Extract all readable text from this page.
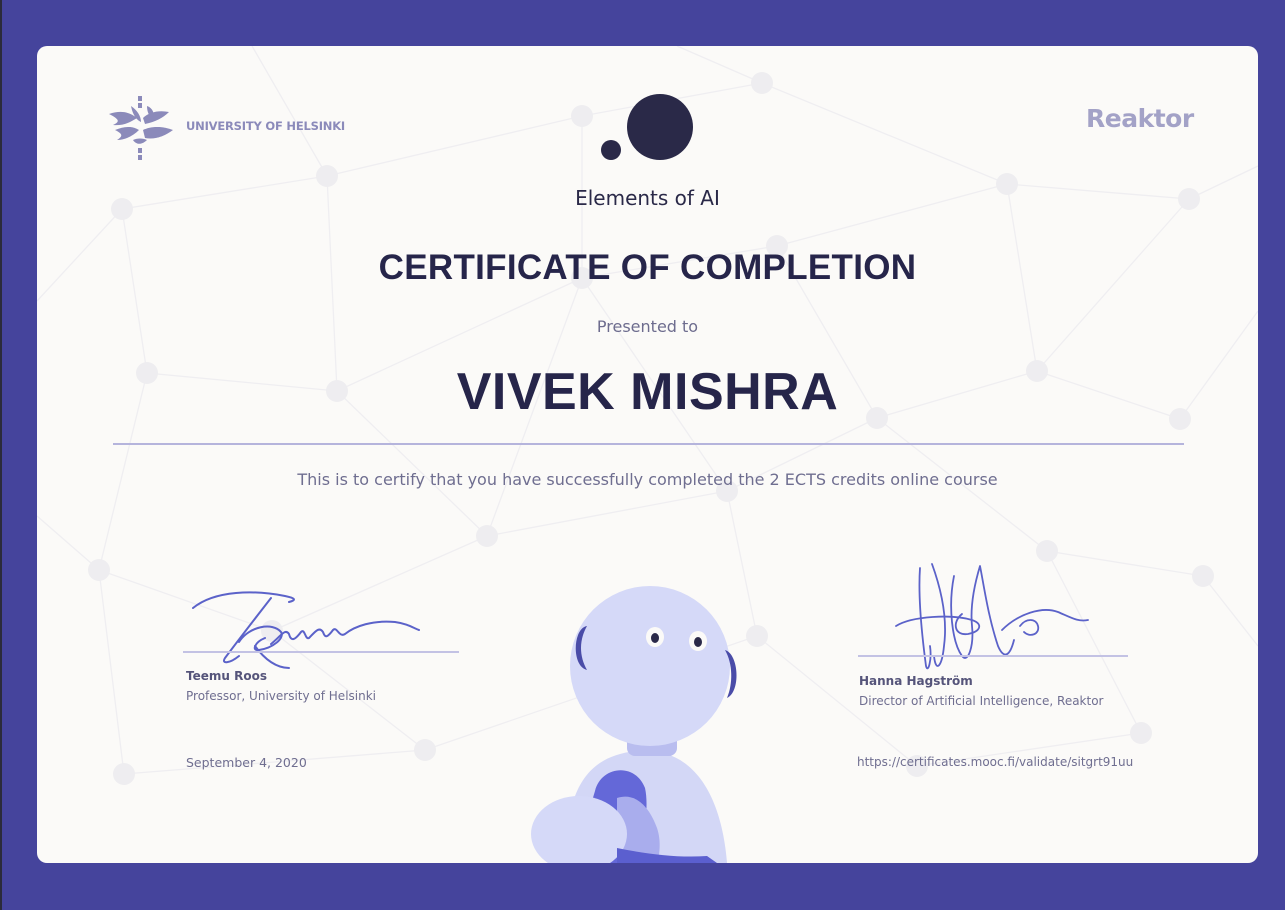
UNIVERSITY OF HELSINKI	Reaktor
Elements of AI
CERTIFICATE OF COMPLETION
Presented to
VIVEK MISHRA
This is to certify that you have successfully completed the 2 ECTS credits online course
Teemu Roos
Professor, University of Helsinki
Hanna Hagström
Director of Artificial Intelligence, Reaktor
September 4, 2020	https://certificates.mooc.fi/validate/sitgrt91uu
